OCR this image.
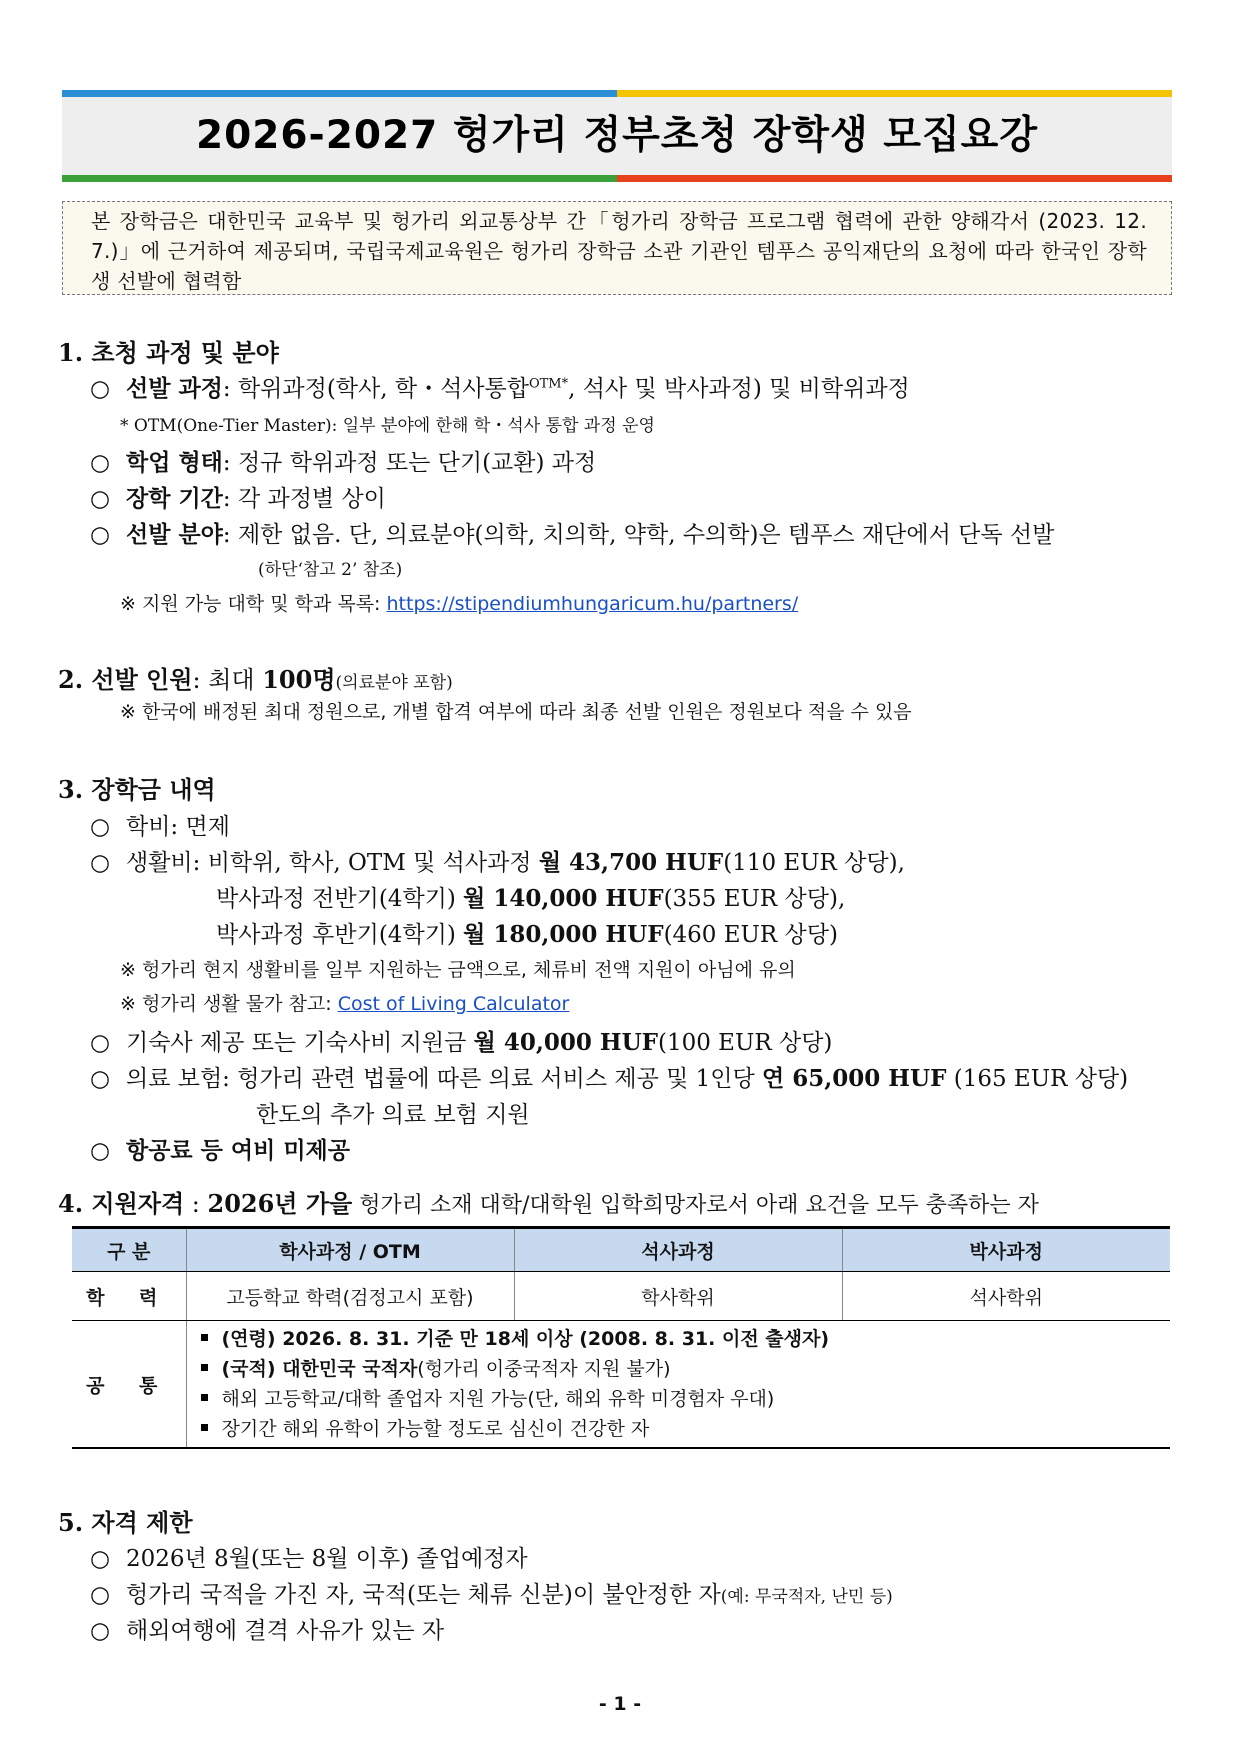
2026-2027 헝가리 정부초청 장학생 모집요강
본 장학금은 대한민국 교육부 및 헝가리 외교통상부 간「헝가리 장학금 프로그램 협력에 관한 양해각서 (2023. 12. 7.)」에 근거하여 제공되며, 국립국제교육원은 헝가리 장학금 소관 기관인 템푸스 공익재단의 요청에 따라 한국인 장학생 선발에 협력함
1. 초청 과정 및 분야
○ 선발 과정: 학위과정(학사, 학・석사통합$^{OTM*}$, 석사 및 박사과정) 및 비학위과정
* OTM(One-Tier Master): 일부 분야에 한해 학・석사 통합 과정 운영
○ 학업 형태: 정규 학위과정 또는 단기(교환) 과정
○ 장학 기간: 각 과정별 상이
○ 선발 분야: 제한 없음. 단, 의료분야(의학, 치의학, 약학, 수의학)은 템푸스 재단에서 단독 선발
(하단‘참고 2’ 참조)
※ 지원 가능 대학 및 학과 목록: https://stipendiumhungaricum.hu/partners/
2. 선발 인원: 최대 100명(의료분야 포함)
※ 한국에 배정된 최대 정원으로, 개별 합격 여부에 따라 최종 선발 인원은 정원보다 적을 수 있음
3. 장학금 내역
○ 학비: 면제
○ 생활비: 비학위, 학사, OTM 및 석사과정 월 43,700 HUF(110 EUR 상당),
박사과정 전반기(4학기) 월 140,000 HUF(355 EUR 상당),
박사과정 후반기(4학기) 월 180,000 HUF(460 EUR 상당)
※ 헝가리 현지 생활비를 일부 지원하는 금액으로, 체류비 전액 지원이 아님에 유의
※ 헝가리 생활 물가 참고: Cost of Living Calculator
○ 기숙사 제공 또는 기숙사비 지원금 월 40,000 HUF(100 EUR 상당)
○ 의료 보험: 헝가리 관련 법률에 따른 의료 서비스 제공 및 1인당 연 65,000 HUF (165 EUR 상당)
한도의 추가 의료 보험 지원
○ 항공료 등 여비 미제공
4. 지원자격 : 2026년 가을 헝가리 소재 대학/대학원 입학희망자로서 아래 요건을 모두 충족하는 자
구 분	학사과정 / OTM	석사과정	박사과정
학 력	고등학교 학력(검정고시 포함)	학사학위	석사학위
공 통	(연령) 2026. 8. 31. 기준 만 18세 이상 (2008. 8. 31. 이전 출생자)
(국적) 대한민국 국적자(헝가리 이중국적자 지원 불가)
해외 고등학교/대학 졸업자 지원 가능(단, 해외 유학 미경험자 우대)
장기간 해외 유학이 가능할 정도로 심신이 건강한 자		
5. 자격 제한
○ 2026년 8월(또는 8월 이후) 졸업예정자
○ 헝가리 국적을 가진 자, 국적(또는 체류 신분)이 불안정한 자(예: 무국적자, 난민 등)
○ 해외여행에 결격 사유가 있는 자
- 1 -
